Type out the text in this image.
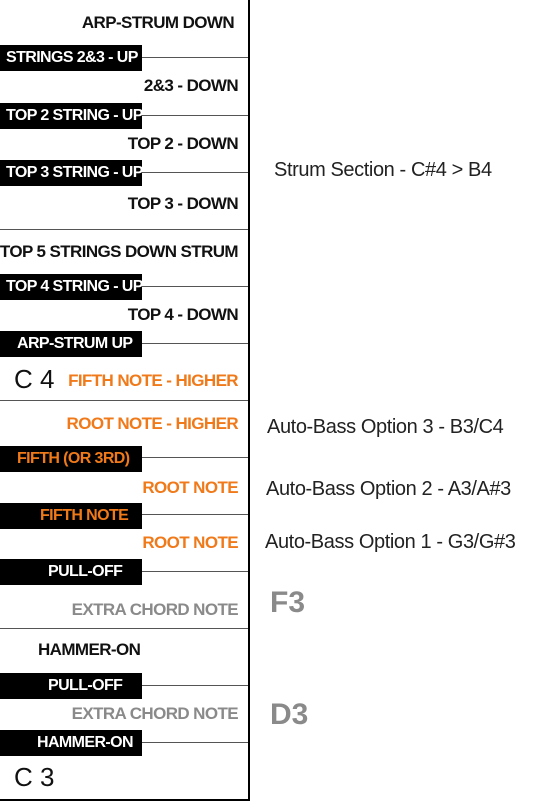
ARP-STRUM DOWN
2&3 - DOWN
TOP 2 - DOWN
TOP 3 - DOWN
TOP 5 STRINGS DOWN STRUM
TOP 4 - DOWN
FIFTH NOTE - HIGHER
ROOT NOTE - HIGHER
ROOT NOTE
ROOT NOTE
EXTRA CHORD NOTE
HAMMER-ON
EXTRA CHORD NOTE
C 4
C 3
STRINGS 2&3 - UP
TOP 2 STRING - UP
TOP 3 STRING - UP
TOP 4 STRING - UP
ARP-STRUM UP
FIFTH (OR 3RD)
FIFTH NOTE
PULL-OFF
PULL-OFF
HAMMER-ON
Strum Section - C#4 > B4
Auto-Bass Option 3 - B3/C4
Auto-Bass Option 2 - A3/A#3
Auto-Bass Option 1 - G3/G#3
F3
D3
